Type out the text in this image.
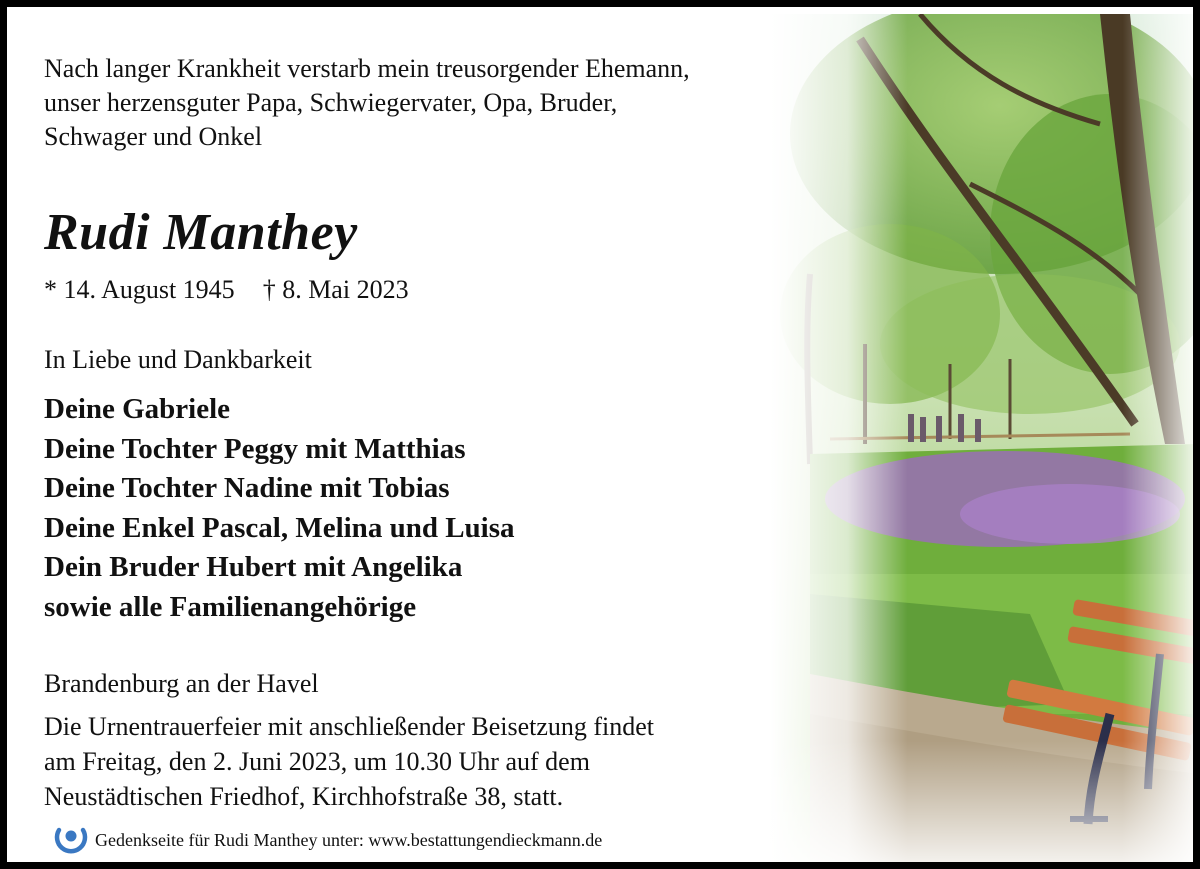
Nach langer Krankheit verstarb mein treusorgender Ehemann,
unser herzensguter Papa, Schwiegervater, Opa, Bruder,
Schwager und Onkel
Rudi Manthey
* 14. August 1945 † 8. Mai 2023
In Liebe und Dankbarkeit
Deine Gabriele
Deine Tochter Peggy mit Matthias
Deine Tochter Nadine mit Tobias
Deine Enkel Pascal, Melina und Luisa
Dein Bruder Hubert mit Angelika
sowie alle Familienangehörige
Brandenburg an der Havel
Die Urnentrauerfeier mit anschließender Beisetzung findet
am Freitag, den 2. Juni 2023, um 10.30 Uhr auf dem
Neustädtischen Friedhof, Kirchhofstraße 38, statt.
Gedenkseite für Rudi Manthey unter: www.bestattungendieckmann.de
